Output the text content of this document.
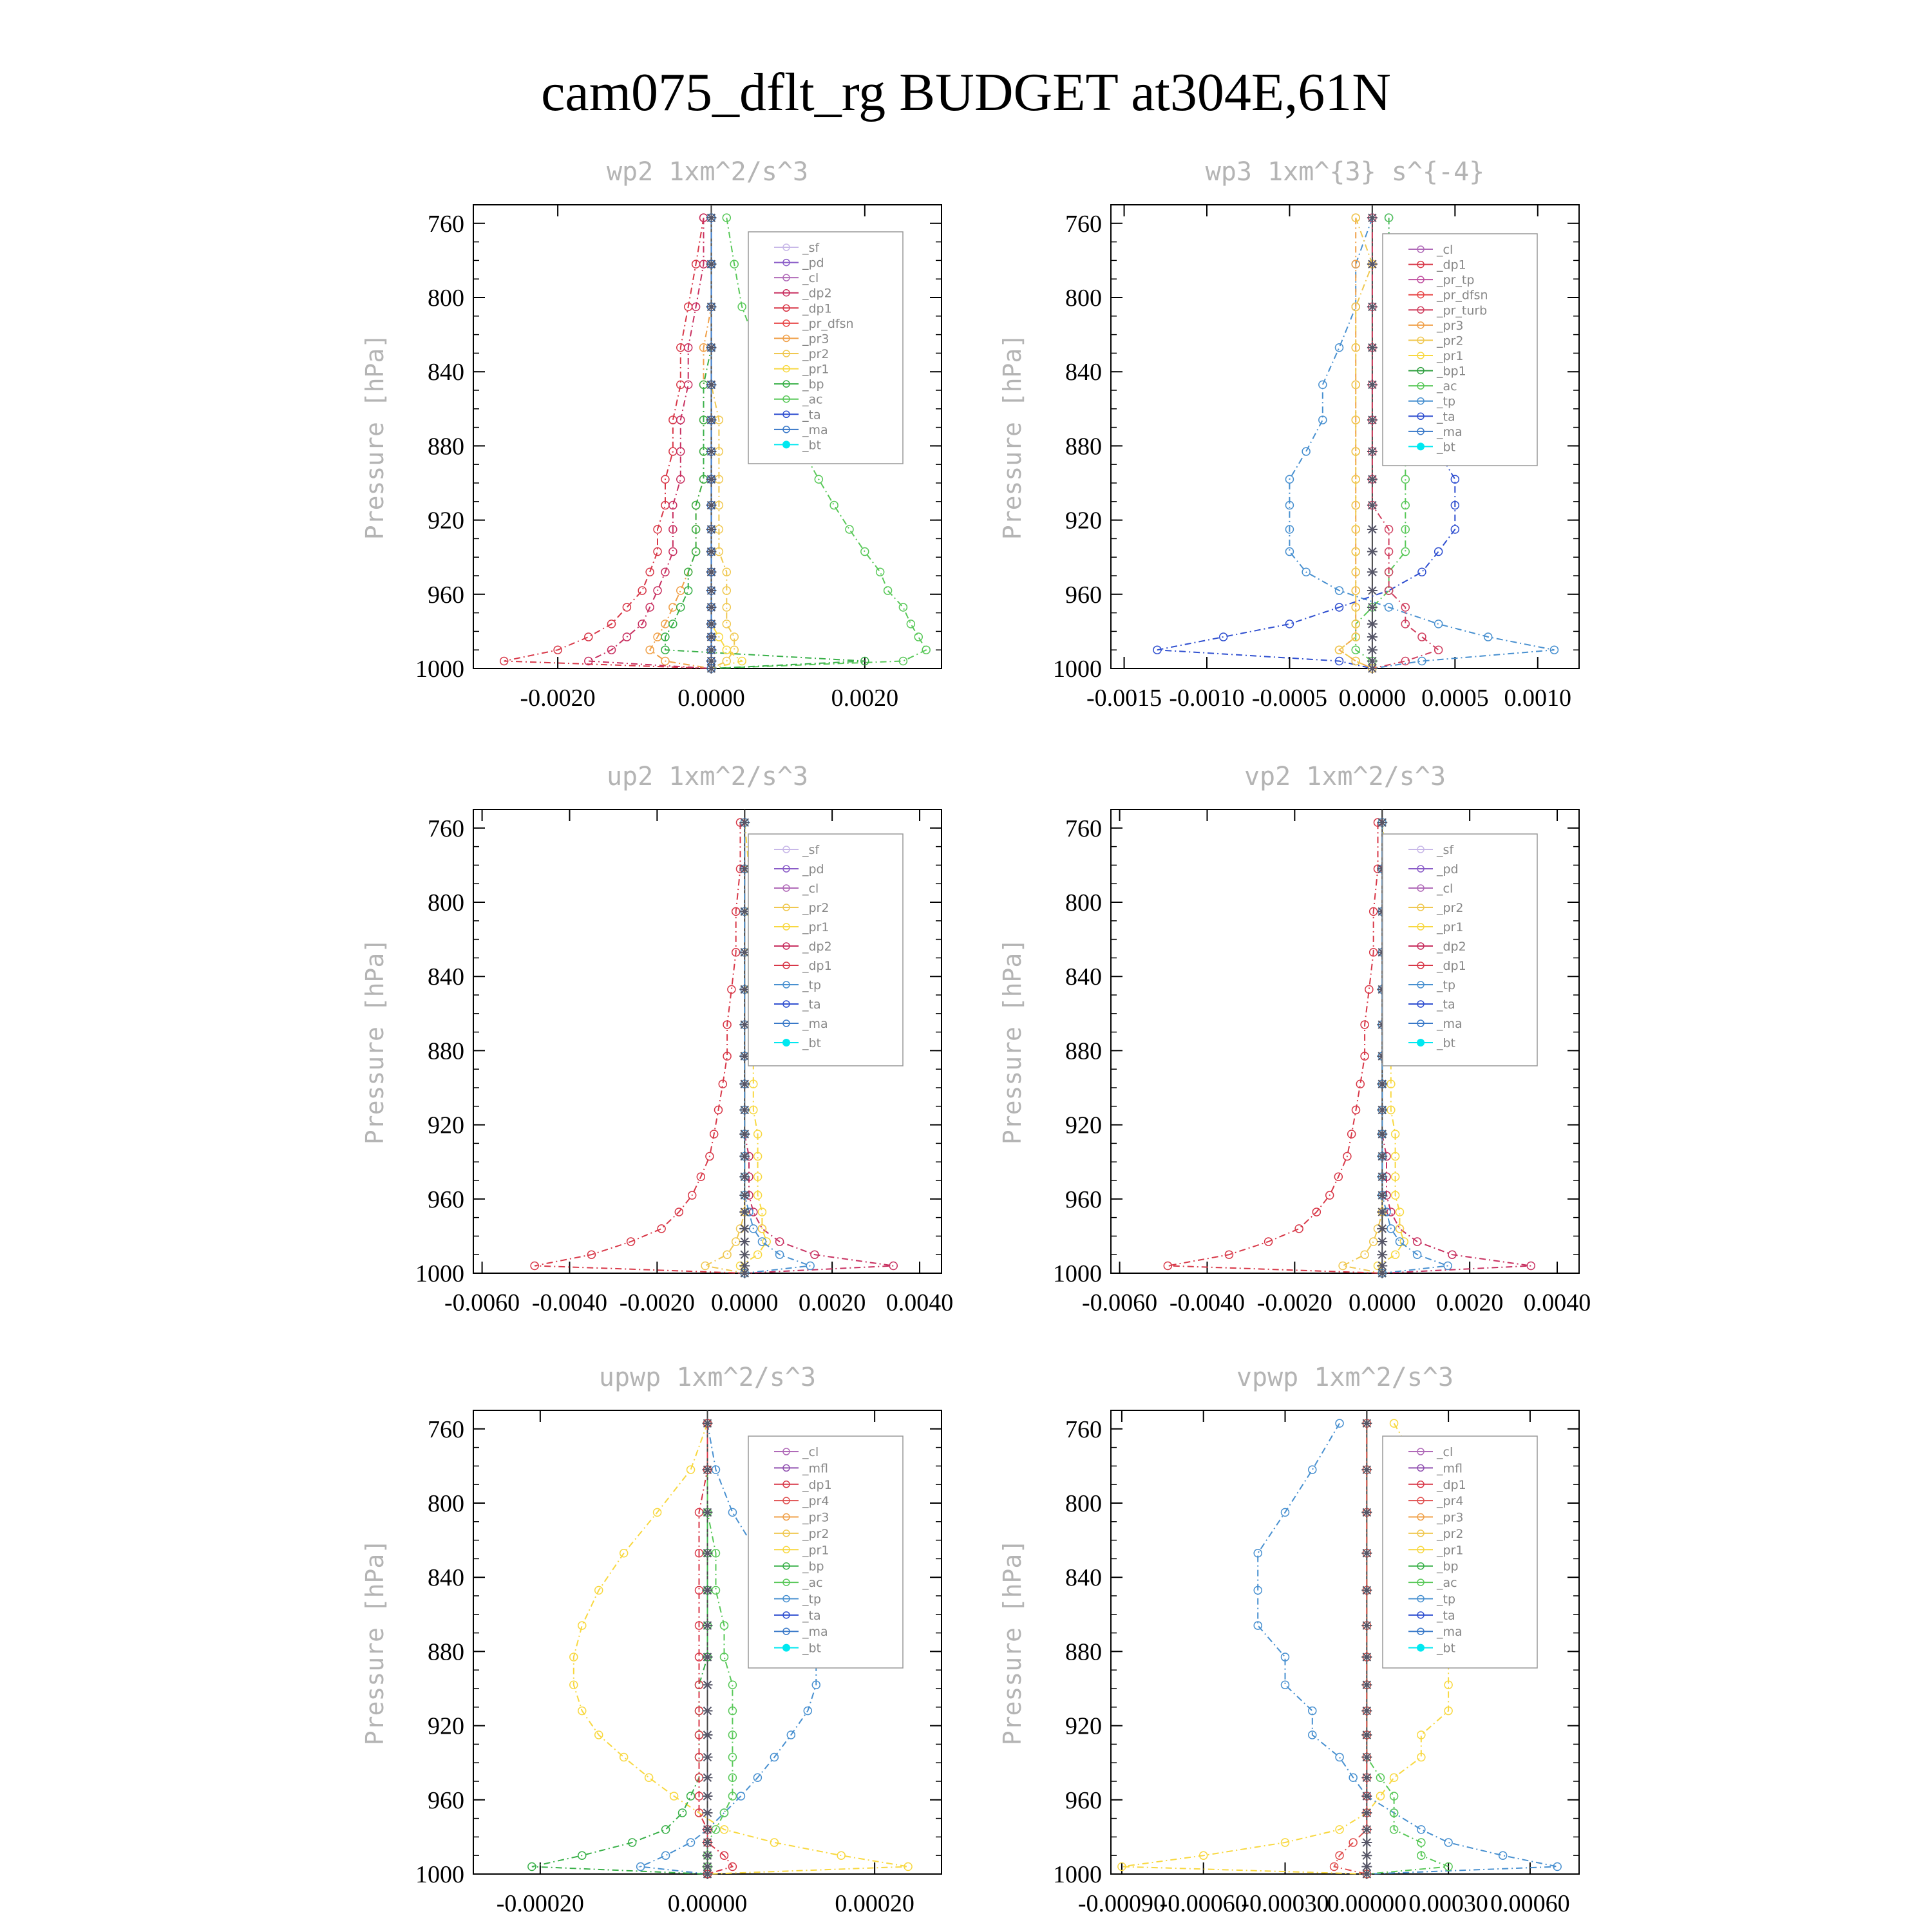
cam075_dflt_rg BUDGET at304E,61N
wp2 1xm^2/s^3
Pressure [hPa]
760
800
840
880
920
960
1000
-0.0020	0.0000	0.0020
_sf
_pd
_cl
_dp2
_dp1
_pr_dfsn
_pr3
_pr2
_pr1
_bp
_ac
_ta
_ma
_bt
wp3 1xm^{3} s^{-4}
Pressure [hPa]
760
800
840
880
920
960
1000
-0.0015 -0.0010 -0.0005 0.0000 0.0005 0.0010
_cl
_dp1
_pr_tp
_pr_dfsn
_pr_turb
_pr3
_pr2
_pr1
_bp1
_ac
_tp
_ta
_ma
_bt
up2 1xm^2/s^3
Pressure [hPa]
760
800
840
880
920
960
1000
-0.0060 -0.0040 -0.0020 0.0000 0.0020 0.0040
_sf
_pd
_cl
_pr2
_pr1
_dp2
_dp1
_tp
_ta
_ma
_bt
vp2 1xm^2/s^3
Pressure [hPa]
760
800
840
880
920
960
1000
-0.0060 -0.0040 -0.0020 0.0000 0.0020 0.0040
_sf
_pd
_cl
_pr2
_pr1
_dp2
_dp1
_tp
_ta
_ma
_bt
upwp 1xm^2/s^3
Pressure [hPa]
760
800
840
880
920
960
1000
-0.00020	0.00000	0.00020
_cl
_mfl
_dp1
_pr4
_pr3
_pr2
_pr1
_bp
_ac
_tp
_ta
_ma
_bt
vpwp 1xm^2/s^3
Pressure [hPa]
760
800
840
880
920
960
1000
-0.00090
-0.00060
-0.00030
0.00000 0.00030 0.00060
_cl
_mfl
_dp1
_pr4
_pr3
_pr2
_pr1
_bp
_ac
_tp
_ta
_ma
_bt
